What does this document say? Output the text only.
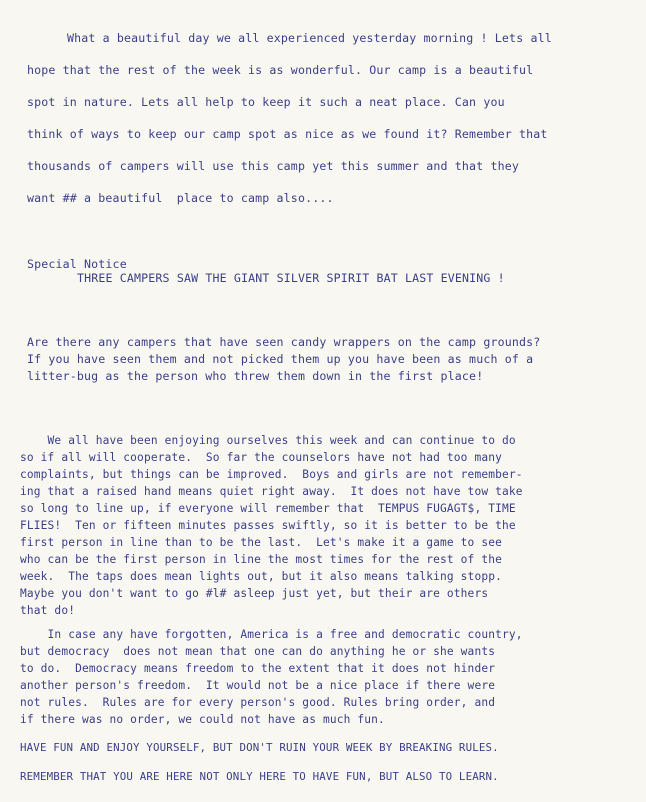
What a beautiful day we all experienced yesterday morning ! Lets all
hope that the rest of the week is as wonderful. Our camp is a beautiful
spot in nature. Lets all help to keep it such a neat place. Can you
think of ways to keep our camp spot as nice as we found it? Remember that
thousands of campers will use this camp yet this summer and that they
want ## a beautiful  place to camp also....
Special Notice
THREE CAMPERS SAW THE GIANT SILVER SPIRIT BAT LAST EVENING !
Are there any campers that have seen candy wrappers on the camp grounds?
If you have seen them and not picked them up you have been as much of a
litter-bug as the person who threw them down in the first place!
We all have been enjoying ourselves this week and can continue to do
so if all will cooperate.  So far the counselors have not had too many
complaints, but things can be improved.  Boys and girls are not remember-
ing that a raised hand means quiet right away.  It does not have tow take
so long to line up, if everyone will remember that  TEMPUS FUGAGT$, TIME
FLIES!  Ten or fifteen minutes passes swiftly, so it is better to be the
first person in line than to be the last.  Let's make it a game to see
who can be the first person in line the most times for the rest of the
week.  The taps does mean lights out, but it also means talking stopp.
Maybe you don't want to go #l# asleep just yet, but their are others
that do!
In case any have forgotten, America is a free and democratic country,
but democracy  does not mean that one can do anything he or she wants
to do.  Democracy means freedom to the extent that it does not hinder
another person's freedom.  It would not be a nice place if there were
not rules.  Rules are for every person's good. Rules bring order, and
if there was no order, we could not have as much fun.
HAVE FUN AND ENJOY YOURSELF, BUT DON'T RUIN YOUR WEEK BY BREAKING RULES.
REMEMBER THAT YOU ARE HERE NOT ONLY HERE TO HAVE FUN, BUT ALSO TO LEARN.
